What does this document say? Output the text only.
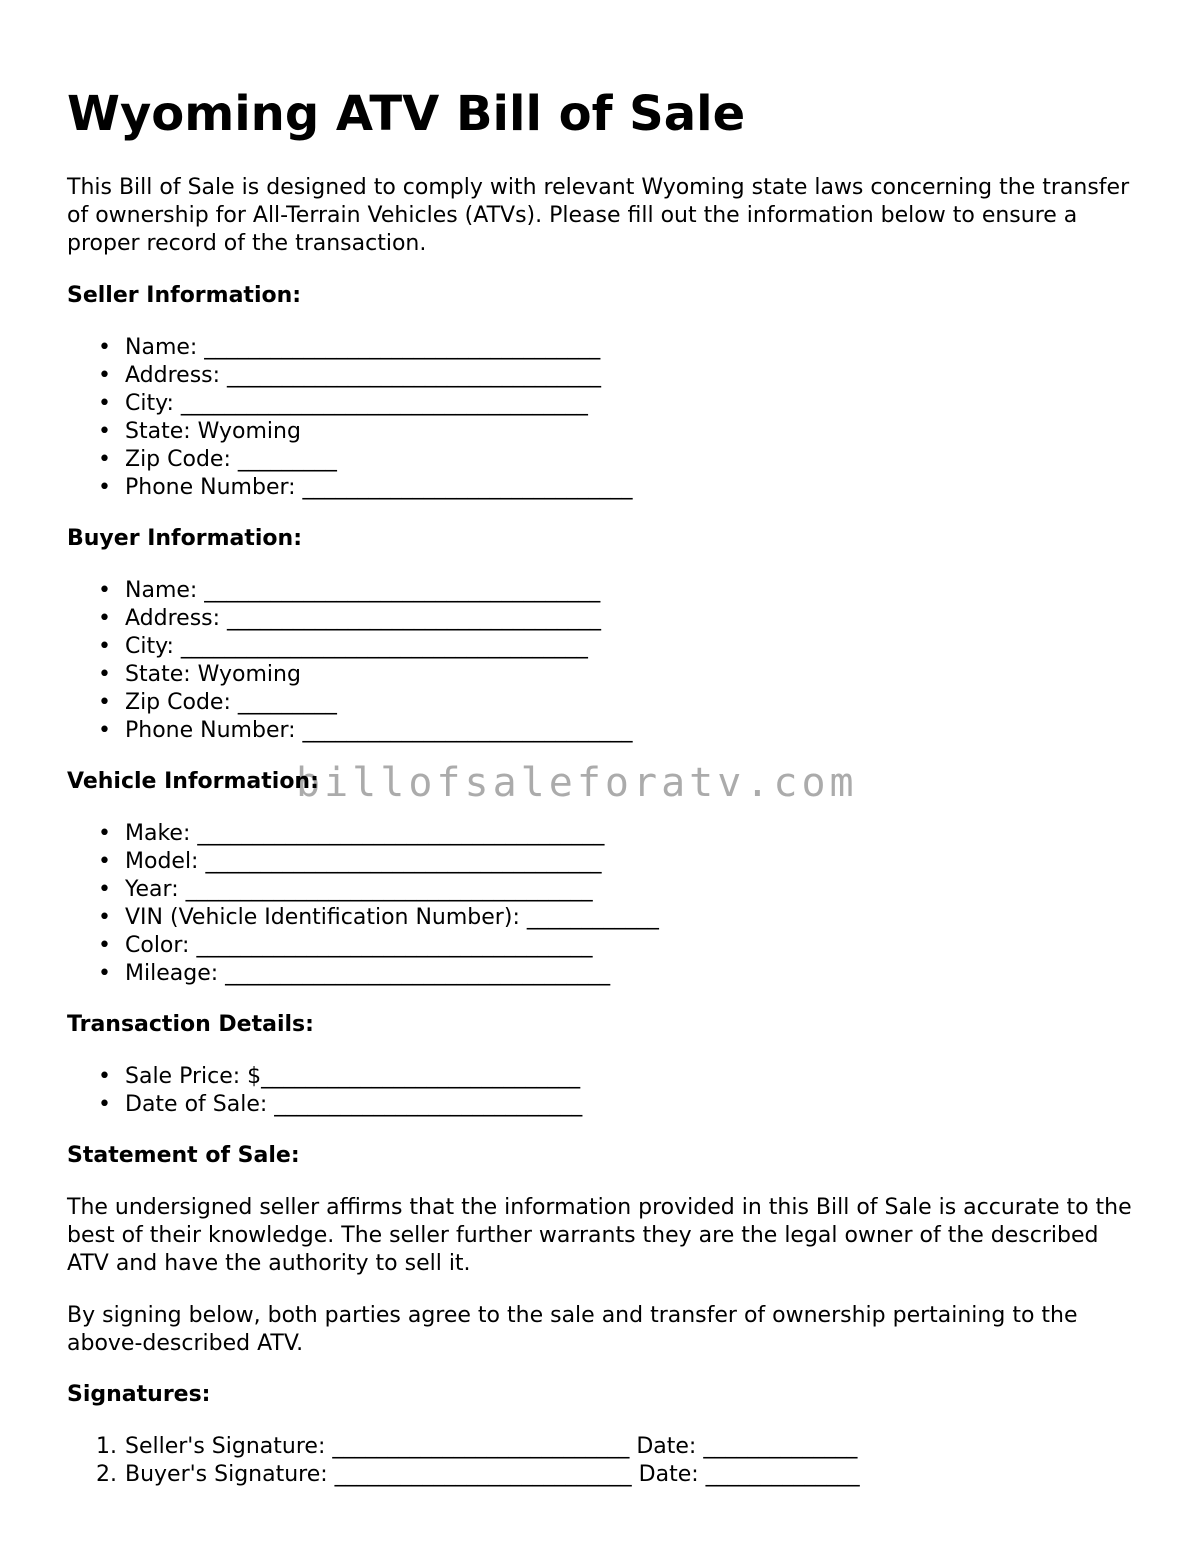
Wyoming ATV Bill of Sale

This Bill of Sale is designed to comply with relevant Wyoming state laws concerning the transfer of ownership for All-Terrain Vehicles (ATVs). Please fill out the information below to ensure a proper record of the transaction.

Seller Information:
• Name: ____________________________________
• Address: __________________________________
• City: _____________________________________
• State: Wyoming
• Zip Code: _________
• Phone Number: ______________________________
Buyer Information:
• Name: ____________________________________
• Address: __________________________________
• City: _____________________________________
• State: Wyoming
• Zip Code: _________
• Phone Number: ______________________________
Vehicle Information:
• Make: _____________________________________
• Model: ____________________________________
• Year: _____________________________________
• VIN (Vehicle Identification Number): ____________
• Color: ____________________________________
• Mileage: ___________________________________
Transaction Details:
• Sale Price: $_____________________________
• Date of Sale: ____________________________
Statement of Sale:

The undersigned seller affirms that the information provided in this Bill of Sale is accurate to the best of their knowledge. The seller further warrants they are the legal owner of the described ATV and have the authority to sell it.

By signing below, both parties agree to the sale and transfer of ownership pertaining to the above-described ATV.

Signatures:
1. Seller's Signature: ___________________________ Date: ______________
2. Buyer's Signature: ___________________________ Date: ______________
billofsaleforatv.com
